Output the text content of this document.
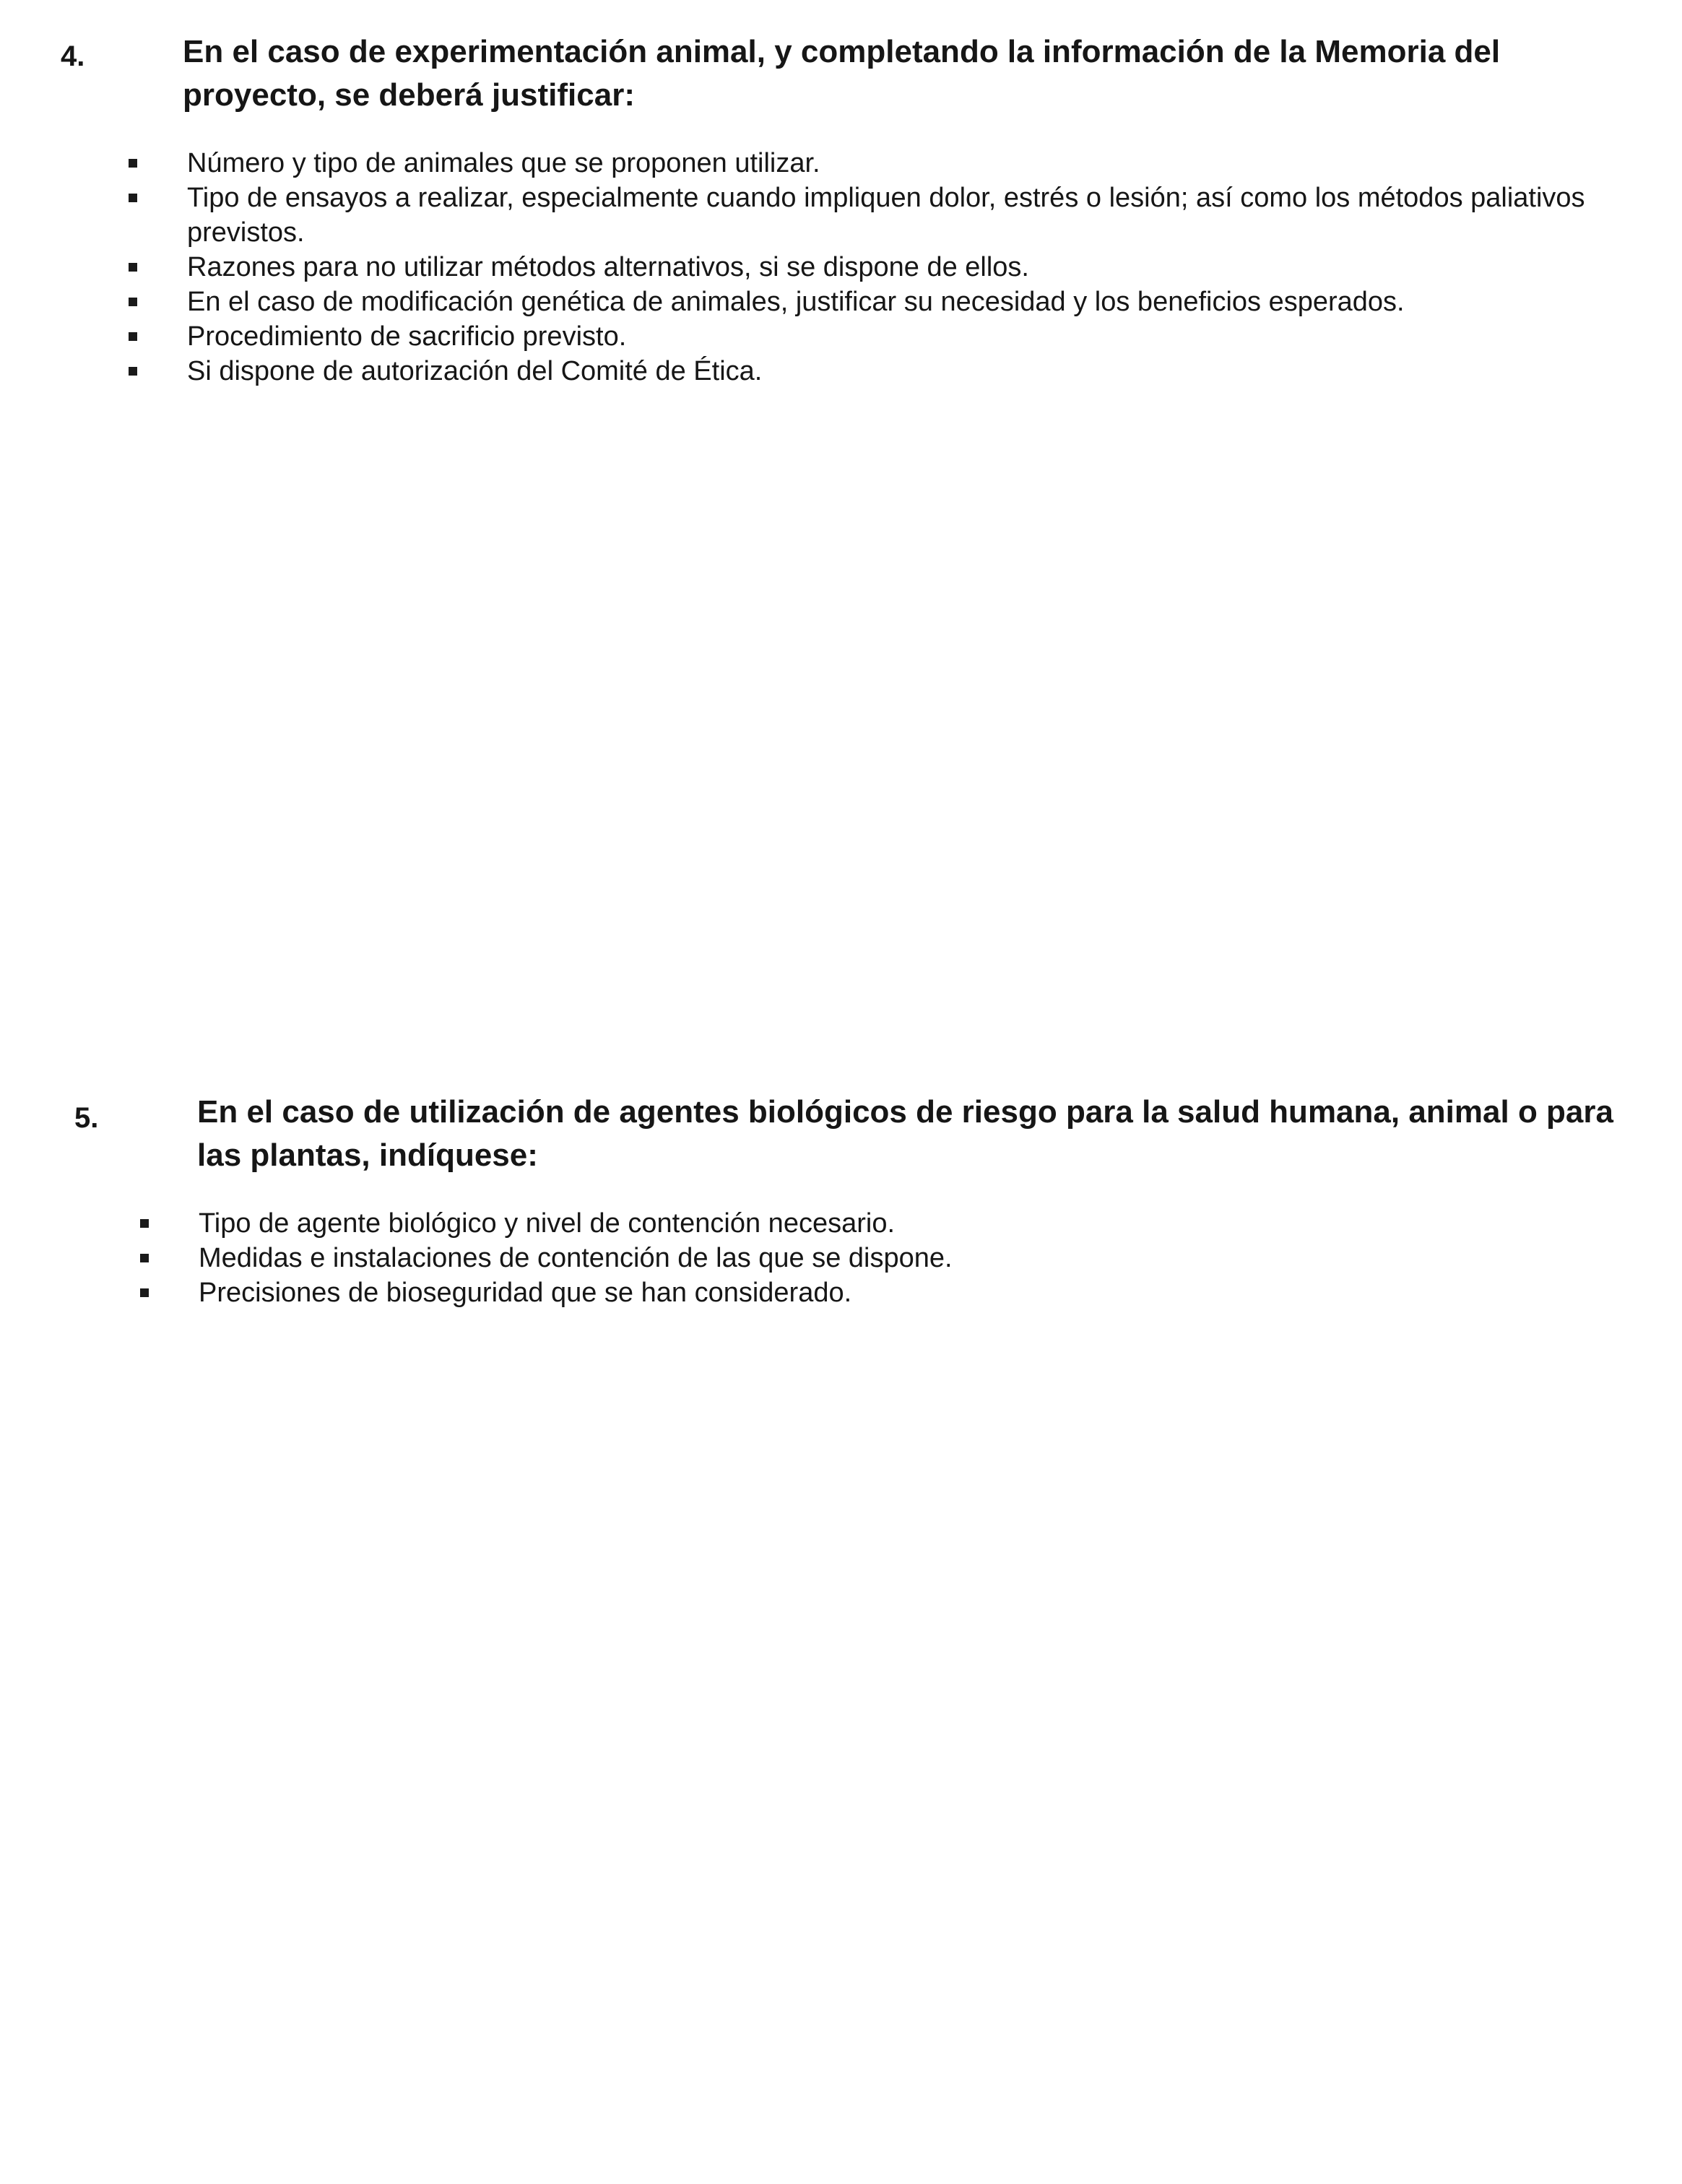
4.	En el caso de experimentación animal, y completando la información de la Memoria del proyecto, se deberá justificar:
Número y tipo de animales que se proponen utilizar.
Tipo de ensayos a realizar, especialmente cuando impliquen dolor, estrés o lesión; así como los métodos paliativos previstos.
Razones para no utilizar métodos alternativos, si se dispone de ellos.
En el caso de modificación genética de animales, justificar su necesidad y los beneficios esperados.
Procedimiento de sacrificio previsto.
Si dispone de autorización del Comité de Ética.
5.	En el caso de utilización de agentes biológicos de riesgo para la salud humana, animal o para las plantas, indíquese:
Tipo de agente biológico y nivel de contención necesario.
Medidas e instalaciones de contención de las que se dispone.
Precisiones de bioseguridad que se han considerado.
